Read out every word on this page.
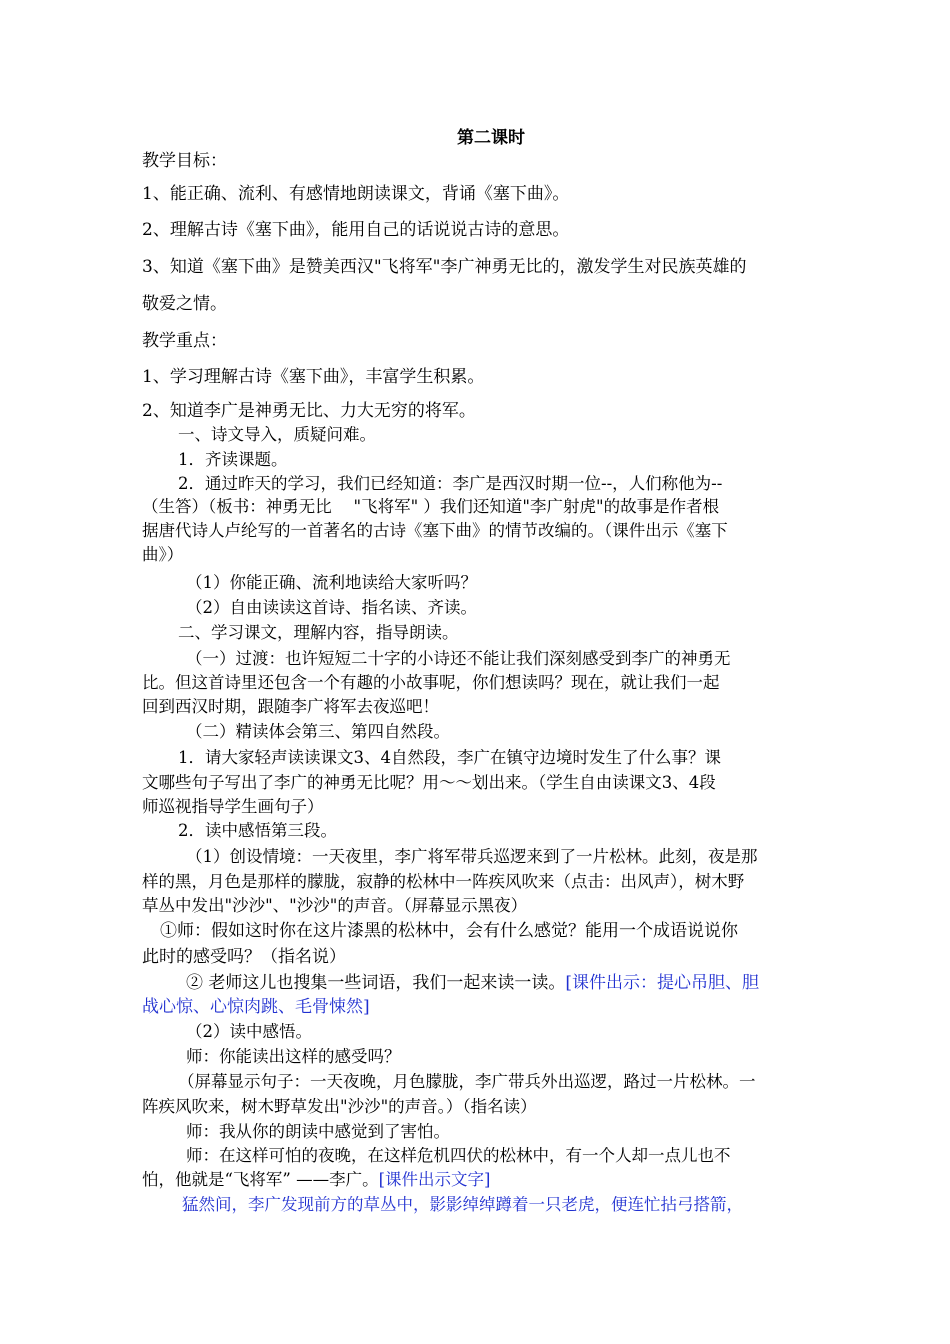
第二课时
教学目标：
1、能正确、流利、有感情地朗读课文，背诵《塞下曲》。
2、理解古诗《塞下曲》，能用自己的话说说古诗的意思。
3、知道《塞下曲》是赞美西汉"飞将军"李广神勇无比的，激发学生对民族英雄的
敬爱之情。
教学重点：
1、学习理解古诗《塞下曲》，丰富学生积累。
2、知道李广是神勇无比、力大无穷的将军。
一、诗文导入，质疑问难。
1．齐读课题。
2．通过昨天的学习，我们已经知道：李广是西汉时期一位--，人们称他为--
（生答）（板书：神勇无比　 "飞将军" ）我们还知道"李广射虎"的故事是作者根
据唐代诗人卢纶写的一首著名的古诗《塞下曲》的情节改编的。（课件出示《塞下
曲》）
（1）你能正确、流利地读给大家听吗？
（2）自由读读这首诗、指名读、齐读。
二、学习课文，理解内容，指导朗读。
（一）过渡：也许短短二十字的小诗还不能让我们深刻感受到李广的神勇无
比。但这首诗里还包含一个有趣的小故事呢，你们想读吗？现在，就让我们一起
回到西汉时期，跟随李广将军去夜巡吧！
（二）精读体会第三、第四自然段。
1．请大家轻声读读课文3、4自然段，李广在镇守边境时发生了什么事？课
文哪些句子写出了李广的神勇无比呢？用～～划出来。（学生自由读课文3、4段
师巡视指导学生画句子）
2．读中感悟第三段。
（1）创设情境：一天夜里，李广将军带兵巡逻来到了一片松林。此刻，夜是那
样的黑，月色是那样的朦胧，寂静的松林中一阵疾风吹来（点击：出风声），树木野
草丛中发出"沙沙"、"沙沙"的声音。（屏幕显示黑夜）
①师：假如这时你在这片漆黑的松林中，会有什么感觉？能用一个成语说说你
此时的感受吗？（指名说）
② 老师这儿也搜集一些词语，我们一起来读一读。[课件出示：提心吊胆、胆
战心惊、心惊肉跳、毛骨悚然]
（2）读中感悟。
师：你能读出这样的感受吗？
（屏幕显示句子：一天夜晚，月色朦胧，李广带兵外出巡逻，路过一片松林。一
阵疾风吹来，树木野草发出"沙沙"的声音。）（指名读）
师：我从你的朗读中感觉到了害怕。
师：在这样可怕的夜晚，在这样危机四伏的松林中，有一个人却一点儿也不
怕，他就是“飞将军” ——李广。[课件出示文字]
猛然间，李广发现前方的草丛中，影影绰绰蹲着一只老虎，便连忙拈弓搭箭，
